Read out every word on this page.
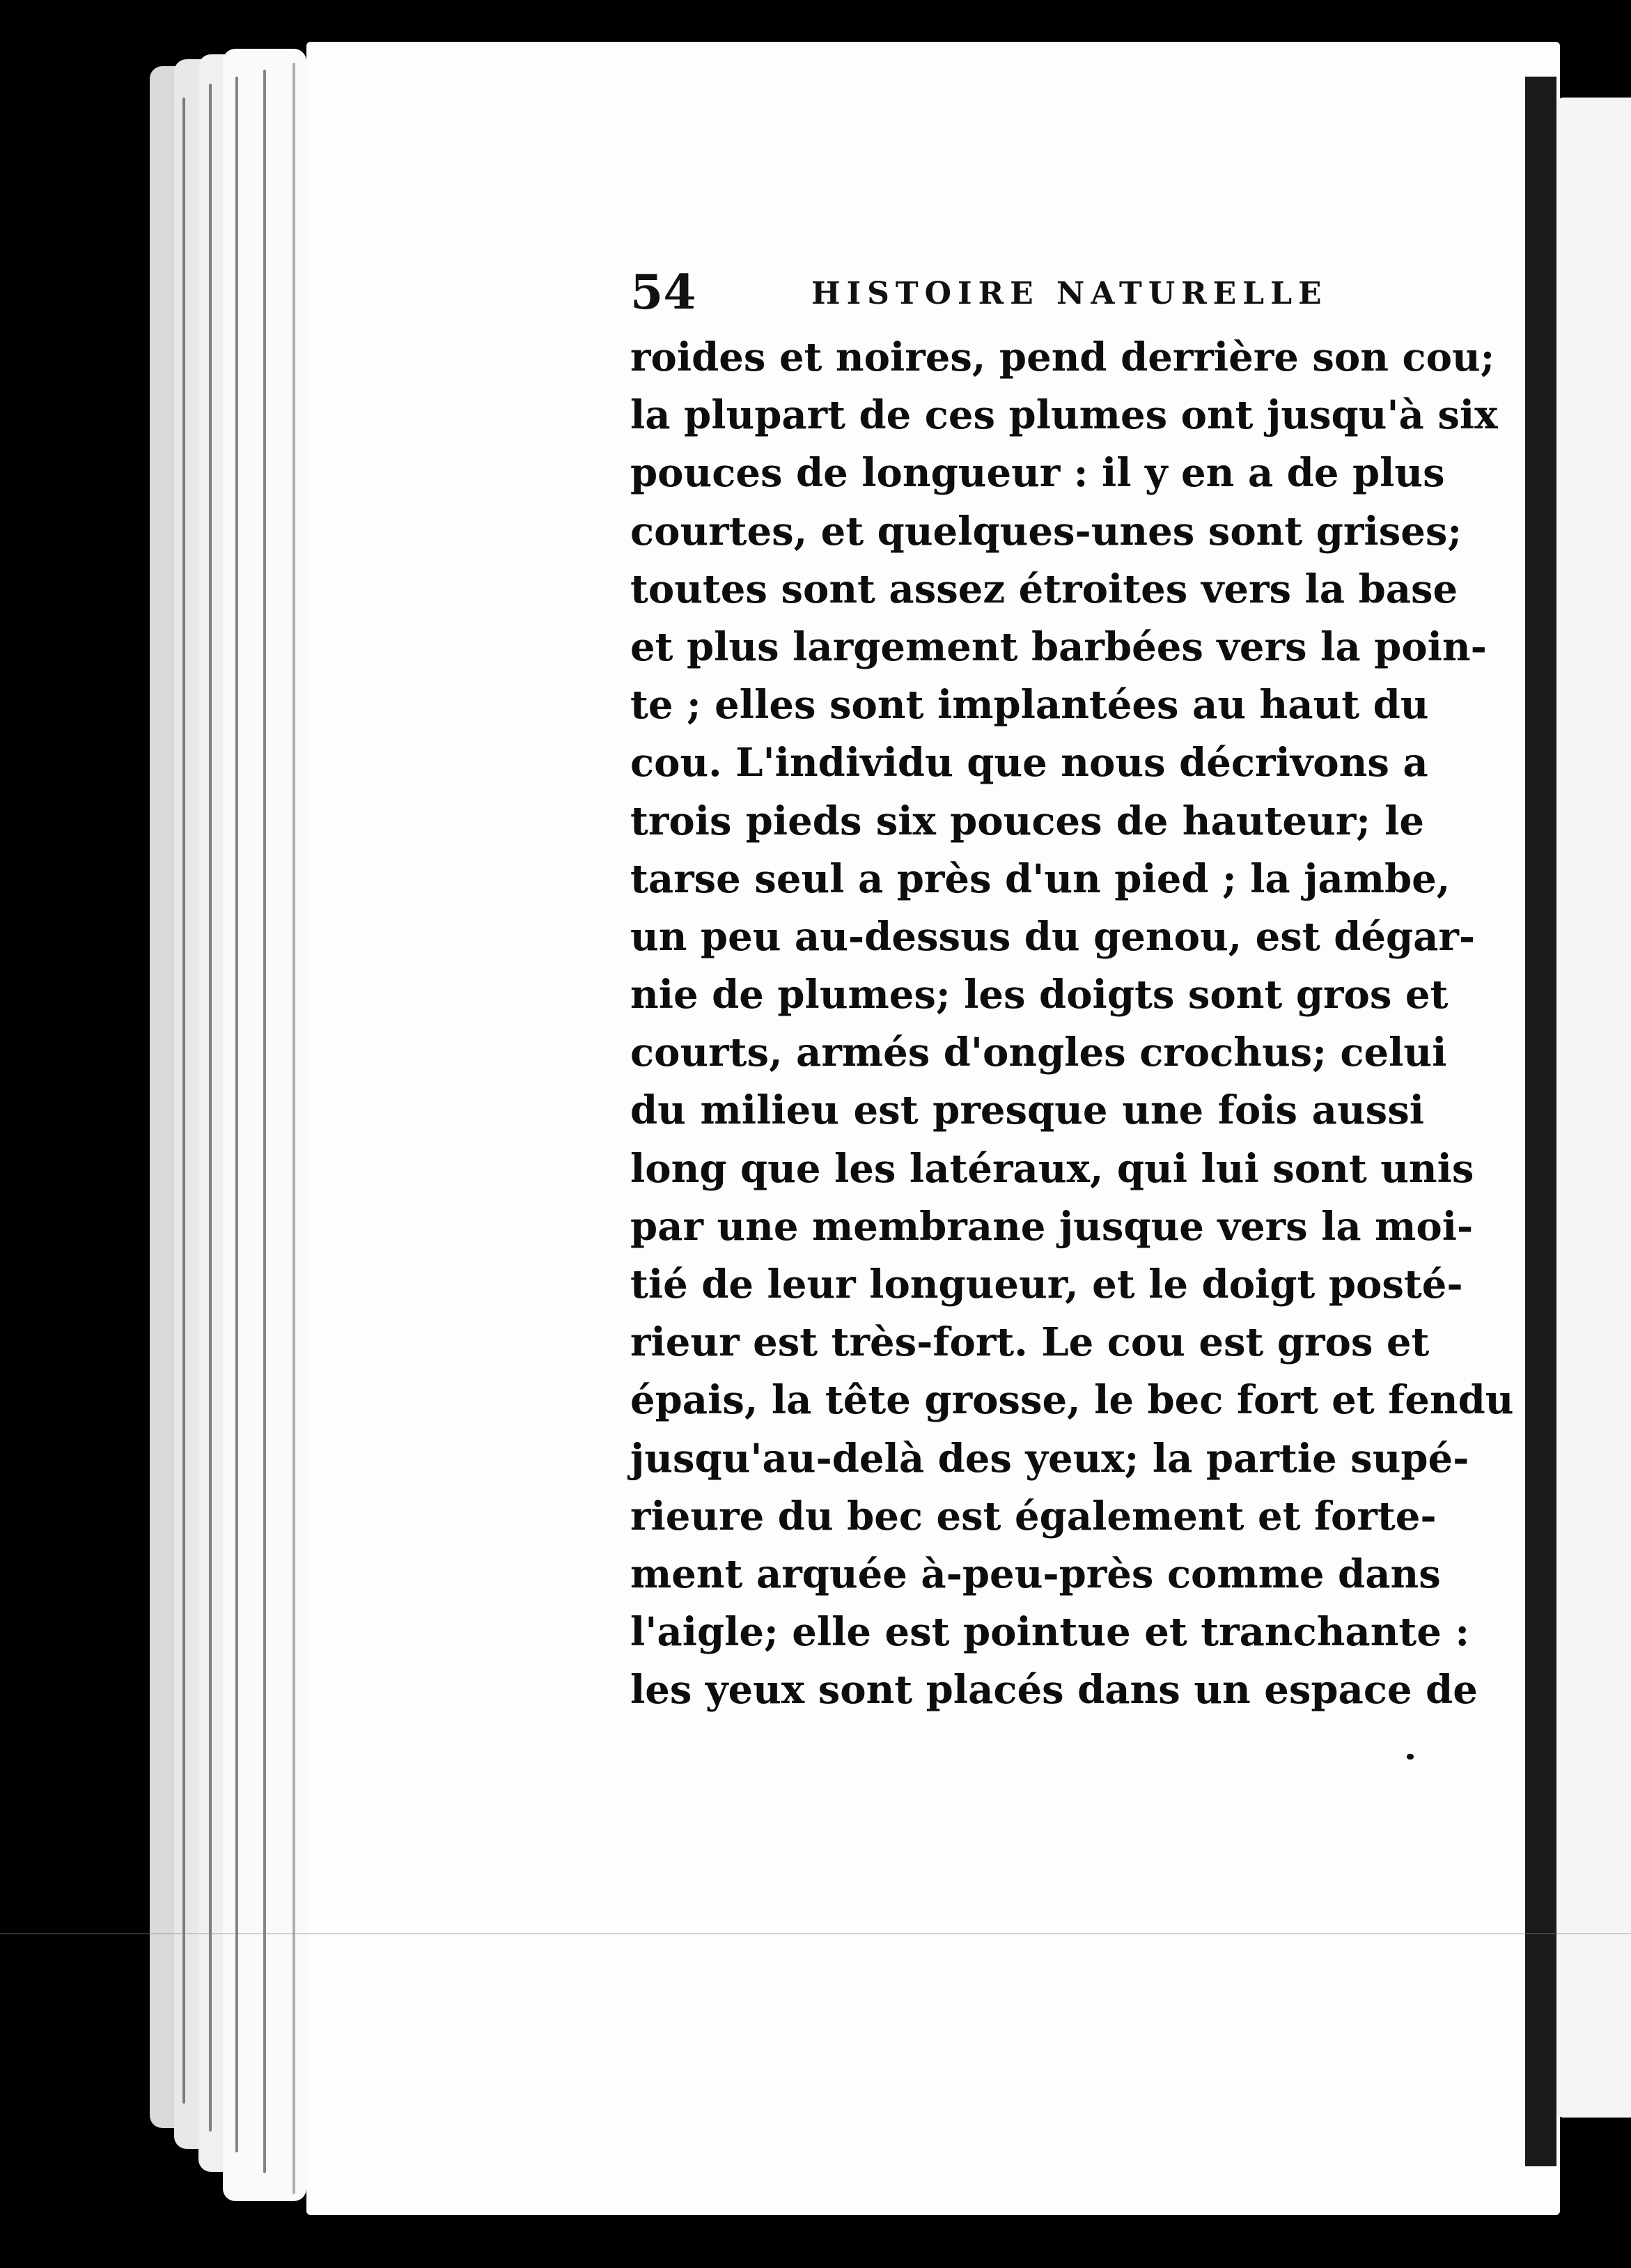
54	HISTOIRE NATURELLE
roides et noires, pend derrière son cou;
la plupart de ces plumes ont jusqu'à six
pouces de longueur : il y en a de plus
courtes, et quelques-unes sont grises;
toutes sont assez étroites vers la base
et plus largement barbées vers la poin-
te ; elles sont implantées au haut du
cou. L'individu que nous décrivons a
trois pieds six pouces de hauteur; le
tarse seul a près d'un pied ; la jambe,
un peu au-dessus du genou, est dégar-
nie de plumes; les doigts sont gros et
courts, armés d'ongles crochus; celui
du milieu est presque une fois aussi
long que les latéraux, qui lui sont unis
par une membrane jusque vers la moi-
tié de leur longueur, et le doigt posté-
rieur est très-fort. Le cou est gros et
épais, la tête grosse, le bec fort et fendu
jusqu'au-delà des yeux; la partie supé-
rieure du bec est également et forte-
ment arquée à-peu-près comme dans
l'aigle; elle est pointue et tranchante :
les yeux sont placés dans un espace de
